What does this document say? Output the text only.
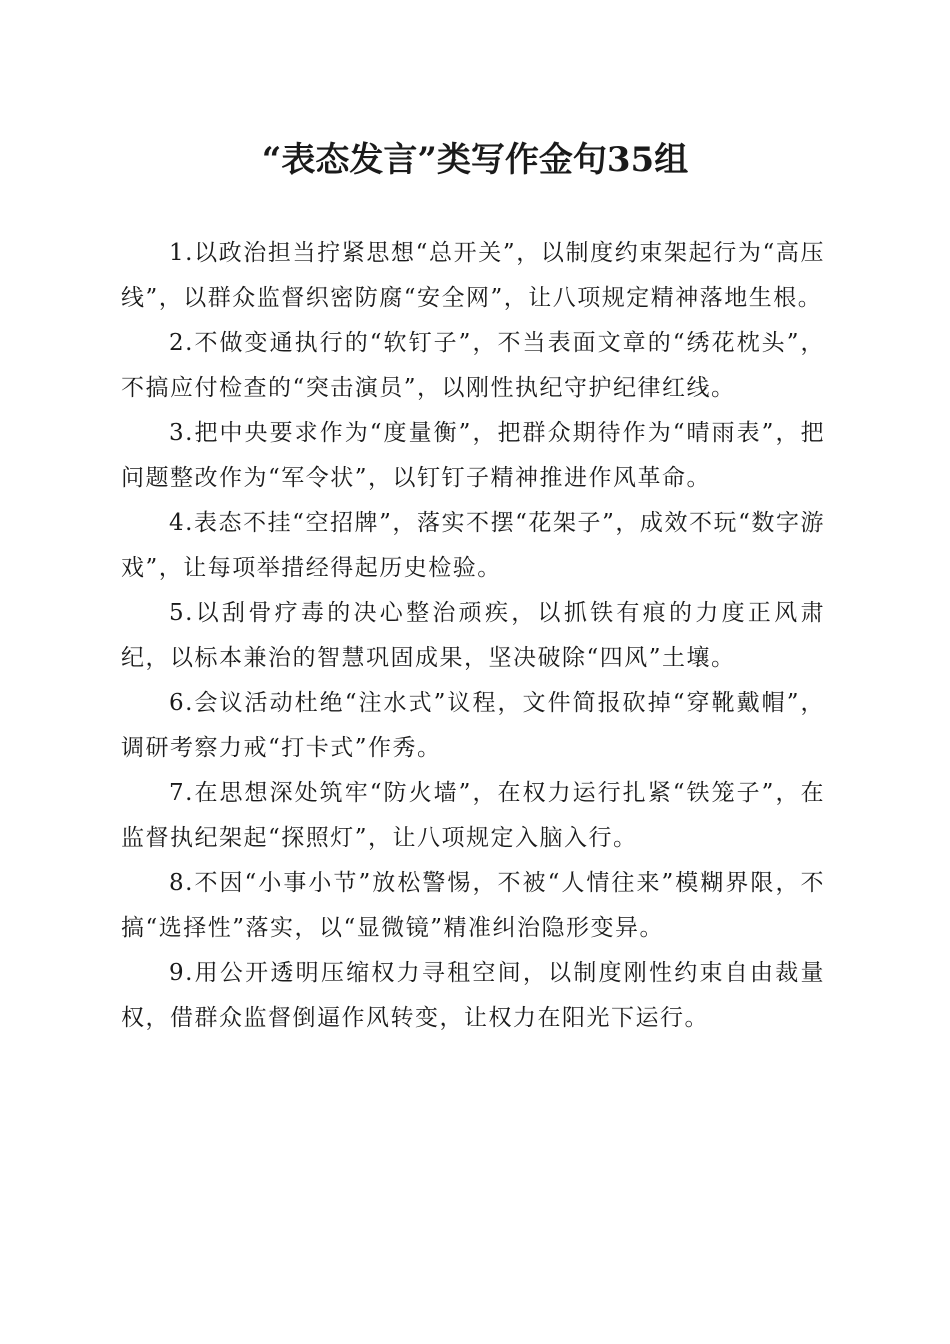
“表态发言”类写作金句35组

1.以政治担当拧紧思想“总开关”，以制度约束架起行为“高压线”，以群众监督织密防腐“安全网”，让八项规定精神落地生根。

2.不做变通执行的“软钉子”，不当表面文章的“绣花枕头”，不搞应付检查的“突击演员”，以刚性执纪守护纪律红线。

3.把中央要求作为“度量衡”，把群众期待作为“晴雨表”，把问题整改作为“军令状”，以钉钉子精神推进作风革命。

4.表态不挂“空招牌”，落实不摆“花架子”，成效不玩“数字游戏”，让每项举措经得起历史检验。

5.以刮骨疗毒的决心整治顽疾，以抓铁有痕的力度正风肃纪，以标本兼治的智慧巩固成果，坚决破除“四风”土壤。

6.会议活动杜绝“注水式”议程，文件简报砍掉“穿靴戴帽”，调研考察力戒“打卡式”作秀。

7.在思想深处筑牢“防火墙”，在权力运行扎紧“铁笼子”，在监督执纪架起“探照灯”，让八项规定入脑入行。

8.不因“小事小节”放松警惕，不被“人情往来”模糊界限，不搞“选择性”落实，以“显微镜”精准纠治隐形变异。

9.用公开透明压缩权力寻租空间，以制度刚性约束自由裁量权，借群众监督倒逼作风转变，让权力在阳光下运行。
